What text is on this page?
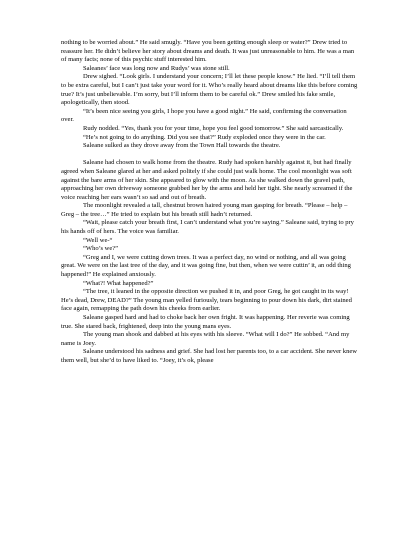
nothing to be worried about.” He said smugly. “Have you been getting enough sleep or water?” Drew tried to reassure her. He didn’t believe her story about dreams and death. It was just unreasonable to him. He was a man of many facts; none of this psychic stuff interested him.

Saleanes’ face was long now and Rudys’ was stone still.

Drew sighed. “Look girls. I understand your concern; I’ll let these people know.” He lied. “I’ll tell them to be extra careful, but I can’t just take your word for it. Who’s really heard about dreams like this before coming true? It’s just unbelievable. I’m sorry, but I’ll inform them to be careful ok.” Drew smiled his fake smile, apologetically, then stood.

“It’s been nice seeing you girls, I hope you have a good night.” He said, confirming the conversation over.

Rudy nodded. “Yes, thank you for your time, hope you feel good tomorrow.” She said sarcastically.

“He’s not going to do anything. Did you see that?” Rudy exploded once they were in the car.

Saleane sulked as they drove away from the Town Hall towards the theatre.

Saleane had chosen to walk home from the theatre. Rudy had spoken harshly against it, but had finally agreed when Saleane glared at her and asked politely if she could just walk home. The cool moonlight was soft against the bare arms of her skin. She appeared to glow with the moon. As she walked down the gravel path, approaching her own driveway someone grabbed her by the arms and held her tight. She nearly screamed if the voice reaching her ears wasn’t so sad and out of breath.

The moonlight revealed a tall, chestnut brown haired young man gasping for breath. “Please – help – Greg – the tree…” He tried to explain but his breath still hadn’t returned.

“Wait, please catch your breath first, I can’t understand what you’re saying.” Saleane said, trying to pry his hands off of hers. The voice was familiar.

“Well we-“

“Who’s we?”

“Greg and I, we were cutting down trees. It was a perfect day, no wind or nothing, and all was going great. We were on the last tree of the day, and it was going fine, but then, when we were cuttin’ it, an odd thing happened!” He explained anxiously.

“What?! What happened?”

“The tree, it leaned in the opposite direction we pushed it in, and poor Greg, he got caught in its way! He’s dead, Drew, DEAD?” The young man yelled furiously, tears beginning to pour down his dark, dirt stained face again, remapping the path down his cheeks from earlier.

Saleane gasped hard and had to choke back her own fright. It was happening. Her reverie was coming true. She stared back, frightened, deep into the young mans eyes.

The young man shook and dabbed at his eyes with his sleeve. “What will I do?” He sobbed. “And my name is Joey.

Saleane understood his sadness and grief. She had lost her parents too, to a car accident. She never knew them well, but she’d to have liked to. “Joey, it’s ok, please
